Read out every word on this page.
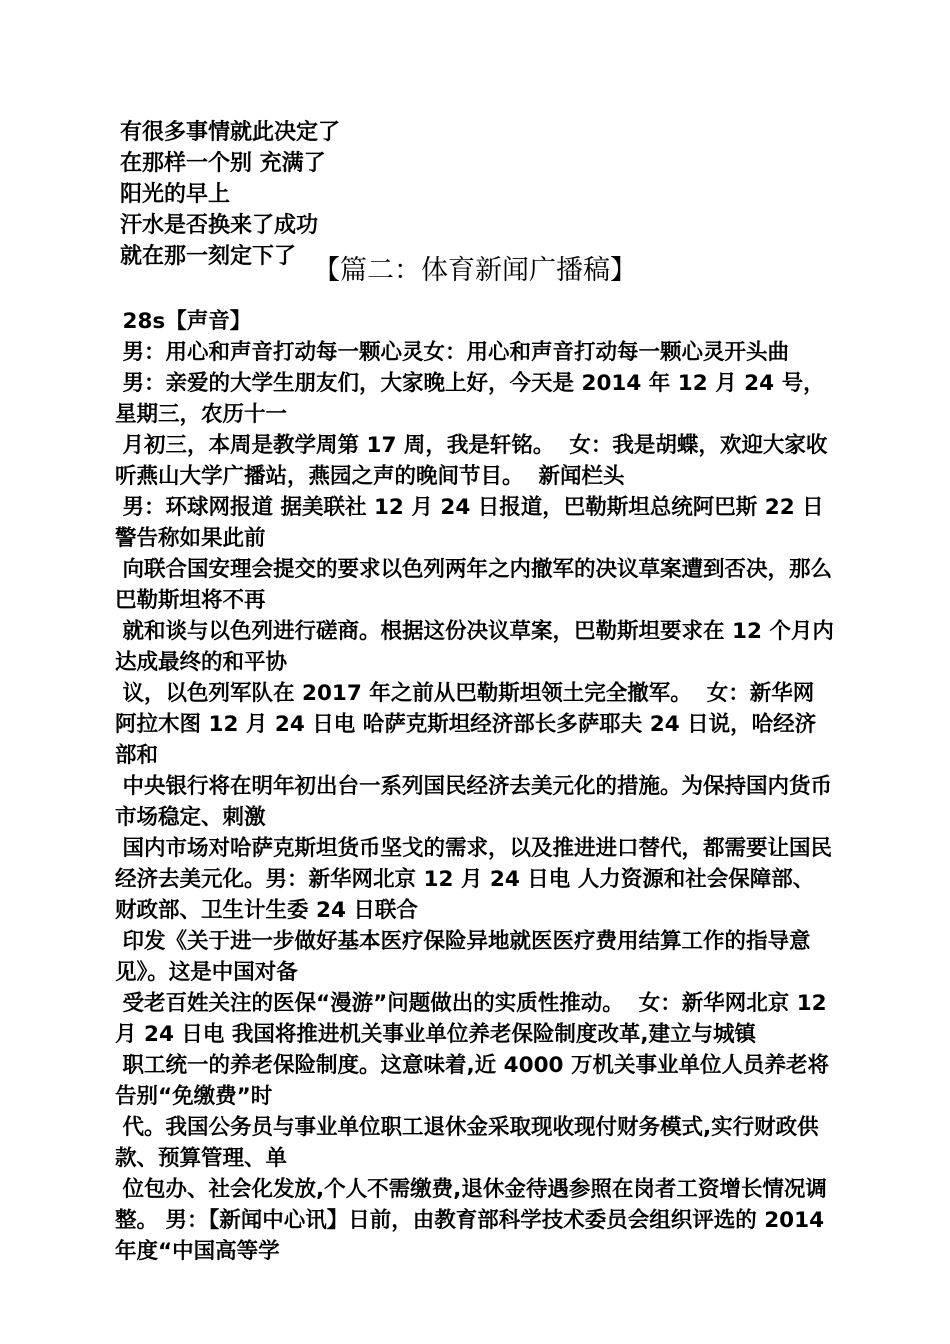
有很多事情就此决定了
在那样一个别 充满了
阳光的早上
汗水是否换来了成功
就在那一刻定下了 【篇二：体育新闻广播稿】
28s【声音】
男：用心和声音打动每一颗心灵女：用心和声音打动每一颗心灵开头曲
男：亲爱的大学生朋友们，大家晚上好，今天是 2014 年 12 月 24 号，星期三，农历十一
月初三，本周是教学周第 17 周，我是轩铭。  女：我是胡蝶，欢迎大家收听燕山大学广播站，燕园之声的晚间节目。  新闻栏头
男：环球网报道 据美联社 12 月 24 日报道，巴勒斯坦总统阿巴斯 22 日警告称如果此前
向联合国安理会提交的要求以色列两年之内撤军的决议草案遭到否决，那么巴勒斯坦将不再
就和谈与以色列进行磋商。根据这份决议草案，巴勒斯坦要求在 12 个月内达成最终的和平协
议，以色列军队在 2017 年之前从巴勒斯坦领土完全撤军。  女：新华网阿拉木图 12 月 24 日电 哈萨克斯坦经济部长多萨耶夫 24 日说，哈经济部和
中央银行将在明年初出台一系列国民经济去美元化的措施。为保持国内货币市场稳定、刺激
国内市场对哈萨克斯坦货币坚戈的需求，以及推进进口替代，都需要让国民经济去美元化。男：新华网北京 12 月 24 日电 人力资源和社会保障部、财政部、卫生计生委 24 日联合
印发《关于进一步做好基本医疗保险异地就医医疗费用结算工作的指导意见》。这是中国对备
受老百姓关注的医保“漫游”问题做出的实质性推动。  女：新华网北京 12 月 24 日电 我国将推进机关事业单位养老保险制度改革,建立与城镇
职工统一的养老保险制度。这意味着,近 4000 万机关事业单位人员养老将告别“免缴费”时
代。我国公务员与事业单位职工退休金采取现收现付财务模式,实行财政供款、预算管理、单
位包办、社会化发放,个人不需缴费,退休金待遇参照在岗者工资增长情况调整。 男：【新闻中心讯】日前，由教育部科学技术委员会组织评选的 2014 年度“中国高等学
